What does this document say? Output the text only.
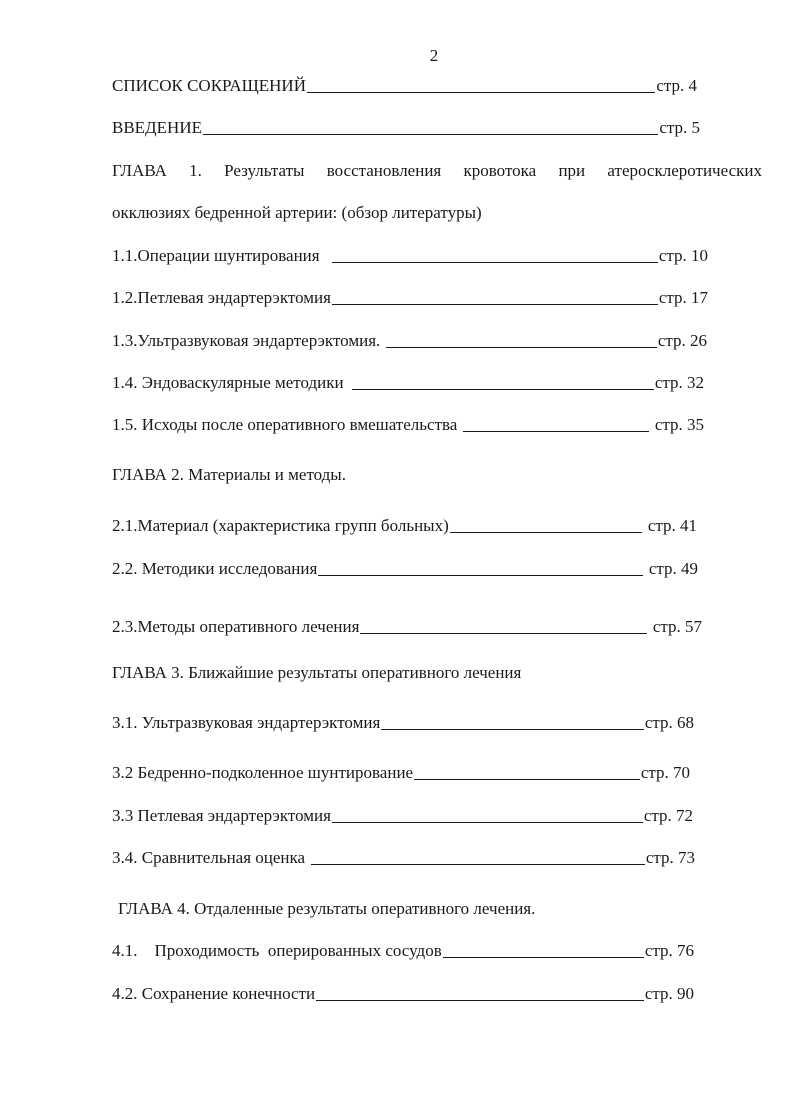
2
СПИСОК СОКРАЩЕНИЙ	стр. 4
ВВЕДЕНИЕ	стр. 5
ГЛАВА 1. Результаты восстановления кровотока при атеросклеротических
окклюзиях бедренной артерии: (обзор литературы)
1.1.Операции шунтирования	стр. 10
1.2.Петлевая эндартерэктомия	стр. 17
1.3.Ультразвуковая эндартерэктомия.	стр. 26
1.4. Эндоваскулярные методики	стр. 32
1.5. Исходы после оперативного вмешательства	стр. 35
ГЛАВА 2. Материалы и методы.
2.1.Материал (характеристика групп больных)	стр. 41
2.2. Методики исследования	стр. 49
2.3.Методы оперативного лечения	стр. 57
ГЛАВА 3. Ближайшие результаты оперативного лечения
3.1. Ультразвуковая эндартерэктомия	стр. 68
3.2 Бедренно-подколенное шунтирование	стр. 70
3.3 Петлевая эндартерэктомия	стр. 72
3.4. Сравнительная оценка	стр. 73
ГЛАВА 4. Отдаленные результаты оперативного лечения.
4.1.    Проходимость  оперированных сосудов	стр. 76
4.2. Сохранение конечности	стр. 90
